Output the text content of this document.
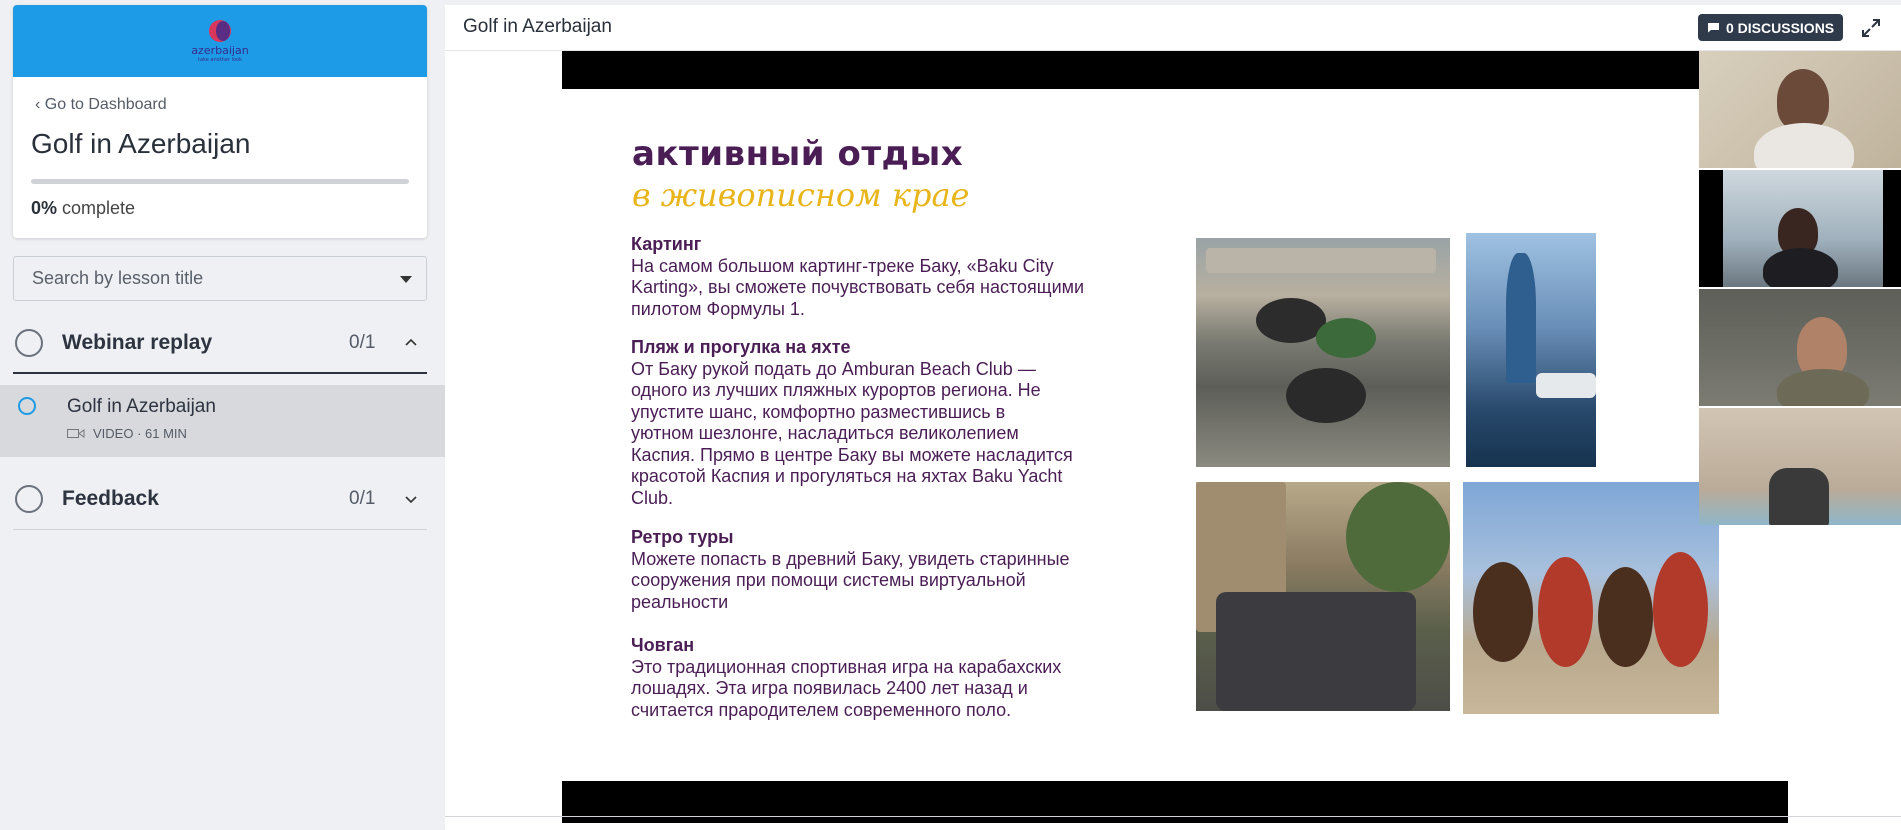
azerbaijan
take another look
‹ Go to Dashboard
Golf in Azerbaijan
0% complete
Search by lesson title
Webinar replay	0/1
Golf in Azerbaijan
VIDEO · 61 MIN
Feedback	0/1
Golf in Azerbaijan	0 DISCUSSIONS
активный отдых
в живописном крае
Картинг
На самом большом картинг-треке Баку, «Baku City
Karting», вы сможете почувствовать себя настоящими
пилотом Формулы 1.
Пляж и прогулка на яхте
От Баку рукой подать до Amburan Beach Club —
одного из лучших пляжных курортов региона. Не
упустите шанс, комфортно разместившись в
уютном шезлонге, насладиться великолепием
Каспия. Прямо в центре Баку вы можете насладится
красотой Каспия и прогуляться на яхтах Baku Yacht
Club.
Ретро туры
Можете попасть в древний Баку, увидеть старинные
сооружения при помощи системы виртуальной
реальности
Човган
Это традиционная спортивная игра на карабахских
лошадях. Эта игра появилась 2400 лет назад и
считается прародителем современного поло.
